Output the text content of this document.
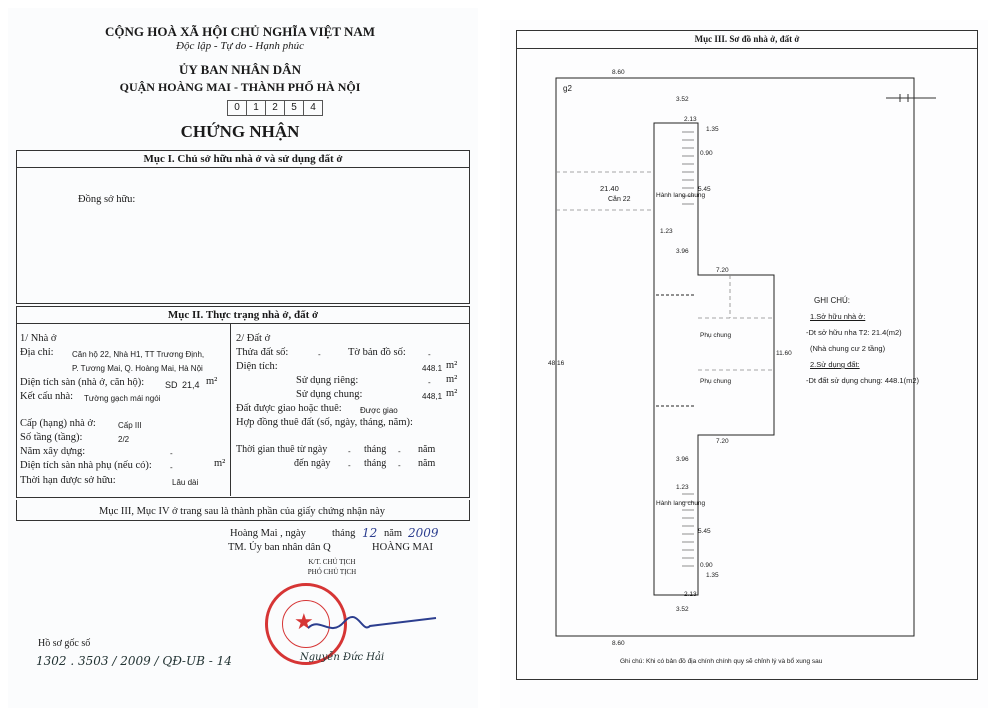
CỘNG HOÀ XÃ HỘI CHỦ NGHĨA VIỆT NAM
Độc lập - Tự do - Hạnh phúc
ỦY BAN NHÂN DÂN
QUẬN HOÀNG MAI - THÀNH PHỐ HÀ NỘI
0	1	2	5	4
CHỨNG NHẬN
Mục I. Chủ sở hữu nhà ở và sử dụng đất ở
Đồng sở hữu:
Mục II. Thực trạng nhà ở, đất ở
1/ Nhà ở
Địa chỉ: Căn hộ 22, Nhà H1, TT Trương Định,
P. Tương Mai, Q. Hoàng Mai, Hà Nội
Diện tích sàn (nhà ở, căn hộ): SD 21,4 m²
Kết cấu nhà: Tường gạch mái ngói
Cấp (hạng) nhà ở:	Cấp III
Số tầng (tầng):	2/2
Năm xây dựng:	-
Diện tích sàn nhà phụ (nếu có): -	m²
Thời hạn được sở hữu:	Lâu dài
2/ Đất ở
Thửa đất số:	-	Tờ bản đồ số:	-
Diện tích:	448.1 m²
Sử dụng riêng:	- m²
Sử dụng chung:	448,1 m²
Đất được giao hoặc thuê: Được giao
Hợp đồng thuê đất (số, ngày, tháng, năm):
Thời gian thuê từ ngày	- tháng - năm
đến ngày - tháng - năm
Mục III, Mục IV ở trang sau là thành phần của giấy chứng nhận này
Hoàng Mai , ngày tháng 12 năm 2009
TM. Ủy ban nhân dân Q	HOÀNG MAI
K/T. CHỦ TỊCH
PHÓ CHỦ TỊCH
★
Nguyễn Đức Hải
Hồ sơ gốc số
1302 . 3503 / 2009 / QĐ-UB - 14
Mục III. Sơ đồ nhà ở, đất ở
g2
8.60
3.52
2.13
1.35
0.90
5.45
21.40
Căn 22
1.23
Hành lang chung
3.96
7.20
48.16
11.60
Phụ chung
Phụ chung
7.20
3.96
1.23
Hành lang chung
5.45
0.90
1.35
2.13
3.52
8.60
GHI CHÚ:
1.Sở hữu nhà ở:
-Dt sở hữu nha T2: 21.4(m2)
(Nhà chung cư 2 tầng)
2.Sử dụng đất:
-Dt đất sử dụng chung: 448.1(m2)
Ghi chú: Khi có bản đồ địa chính chính quy sẽ chỉnh lý và bổ xung sau
